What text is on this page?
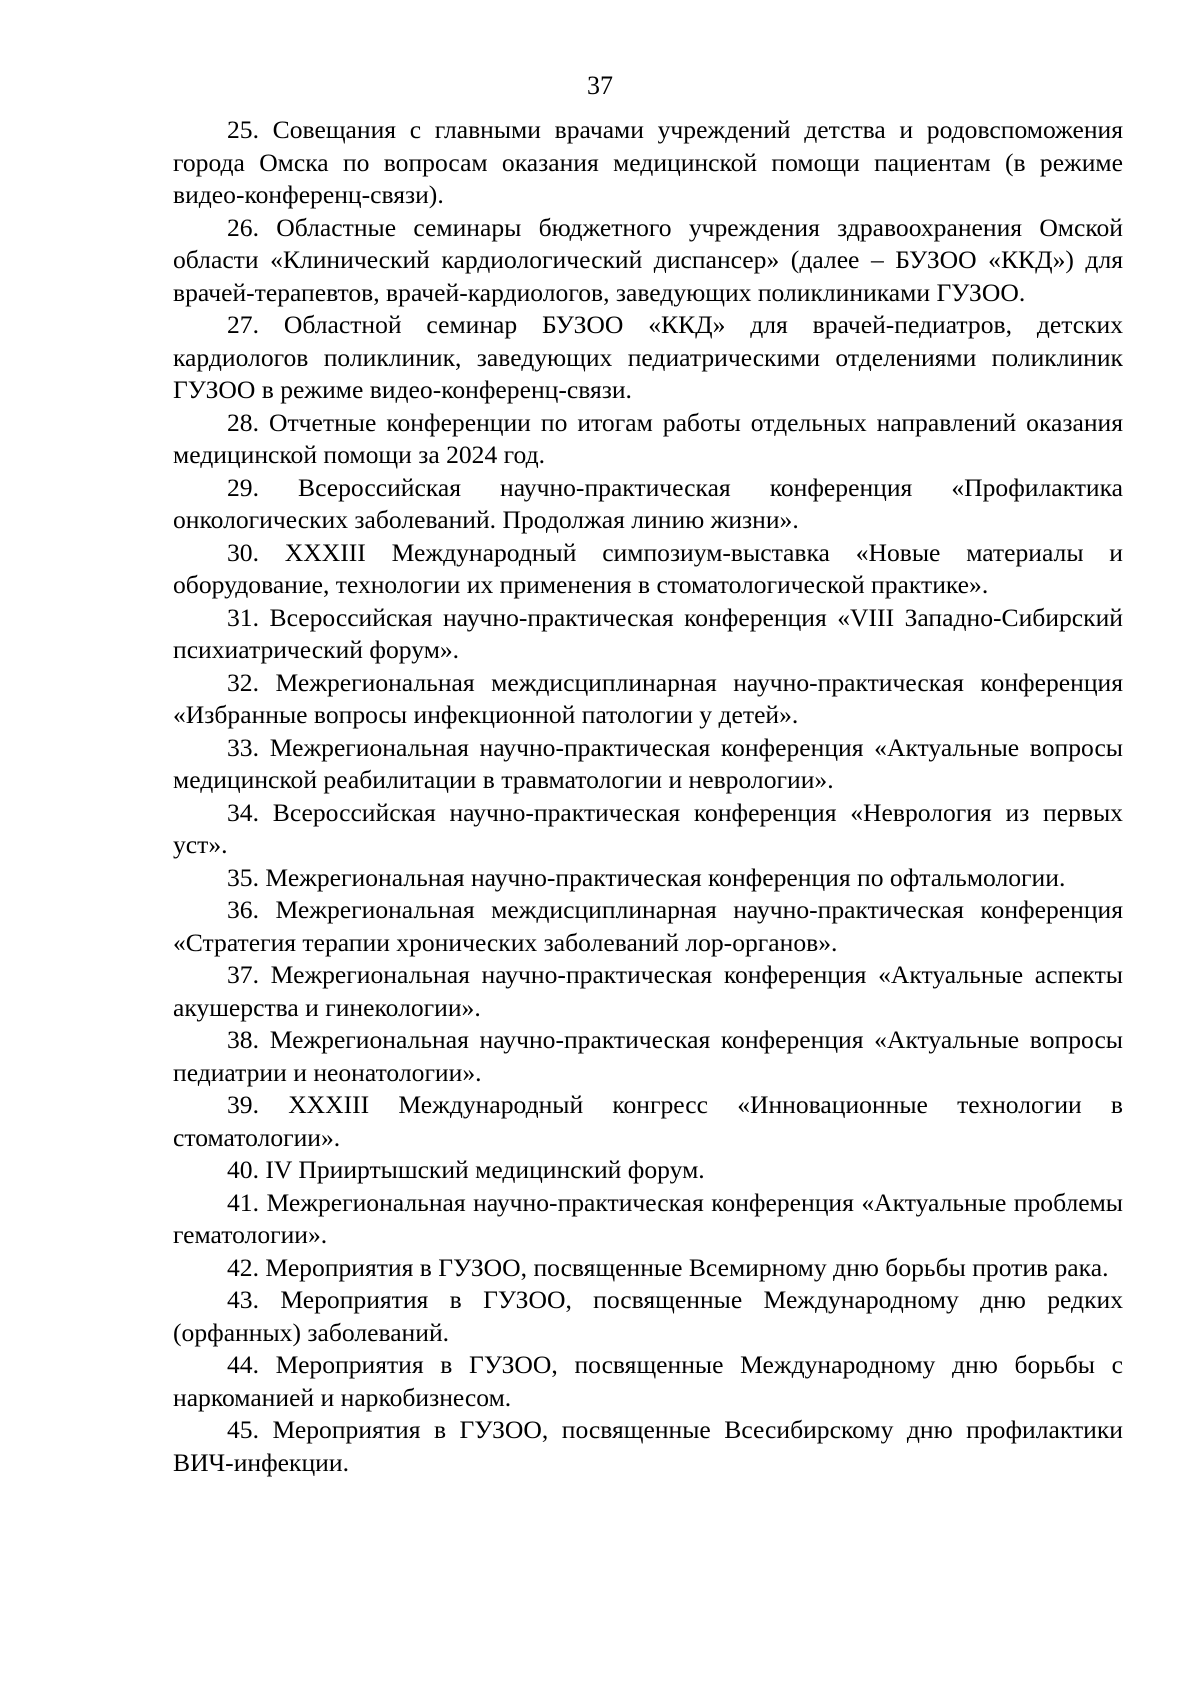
37

25. Совещания с главными врачами учреждений детства и родовспоможения города Омска по вопросам оказания медицинской помощи пациентам (в режиме видео-конференц-связи).

26. Областные семинары бюджетного учреждения здравоохранения Омской области «Клинический кардиологический диспансер» (далее – БУЗОО «ККД») для врачей-терапевтов, врачей-кардиологов, заведующих поликлиниками ГУЗОО.

27. Областной семинар БУЗОО «ККД» для врачей-педиатров, детских кардиологов поликлиник, заведующих педиатрическими отделениями поликлиник ГУЗОО в режиме видео-конференц-связи.

28. Отчетные конференции по итогам работы отдельных направлений оказания медицинской помощи за 2024 год.

29. Всероссийская научно-практическая конференция «Профилактика онкологических заболеваний. Продолжая линию жизни».

30. XXXIII Международный симпозиум-выставка «Новые материалы и оборудование, технологии их применения в стоматологической практике».

31. Всероссийская научно-практическая конференция «VIII Западно-Сибирский психиатрический форум».

32. Межрегиональная междисциплинарная научно-практическая конференция «Избранные вопросы инфекционной патологии у детей».

33. Межрегиональная научно-практическая конференция «Актуальные вопросы медицинской реабилитации в травматологии и неврологии».

34. Всероссийская научно-практическая конференция «Неврология из первых уст».

35. Межрегиональная научно-практическая конференция по офтальмологии.

36. Межрегиональная междисциплинарная научно-практическая конференция «Стратегия терапии хронических заболеваний лор-органов».

37. Межрегиональная научно-практическая конференция «Актуальные аспекты акушерства и гинекологии».

38. Межрегиональная научно-практическая конференция «Актуальные вопросы педиатрии и неонатологии».

39. XXXIII Международный конгресс «Инновационные технологии в стоматологии».

40. IV Прииртышский медицинский форум.

41. Межрегиональная научно-практическая конференция «Актуальные проблемы гематологии».

42. Мероприятия в ГУЗОО, посвященные Всемирному дню борьбы против рака.

43. Мероприятия в ГУЗОО, посвященные Международному дню редких (орфанных) заболеваний.

44. Мероприятия в ГУЗОО, посвященные Международному дню борьбы с наркоманией и наркобизнесом.

45. Мероприятия в ГУЗОО, посвященные Всесибирскому дню профилактики ВИЧ-инфекции.
